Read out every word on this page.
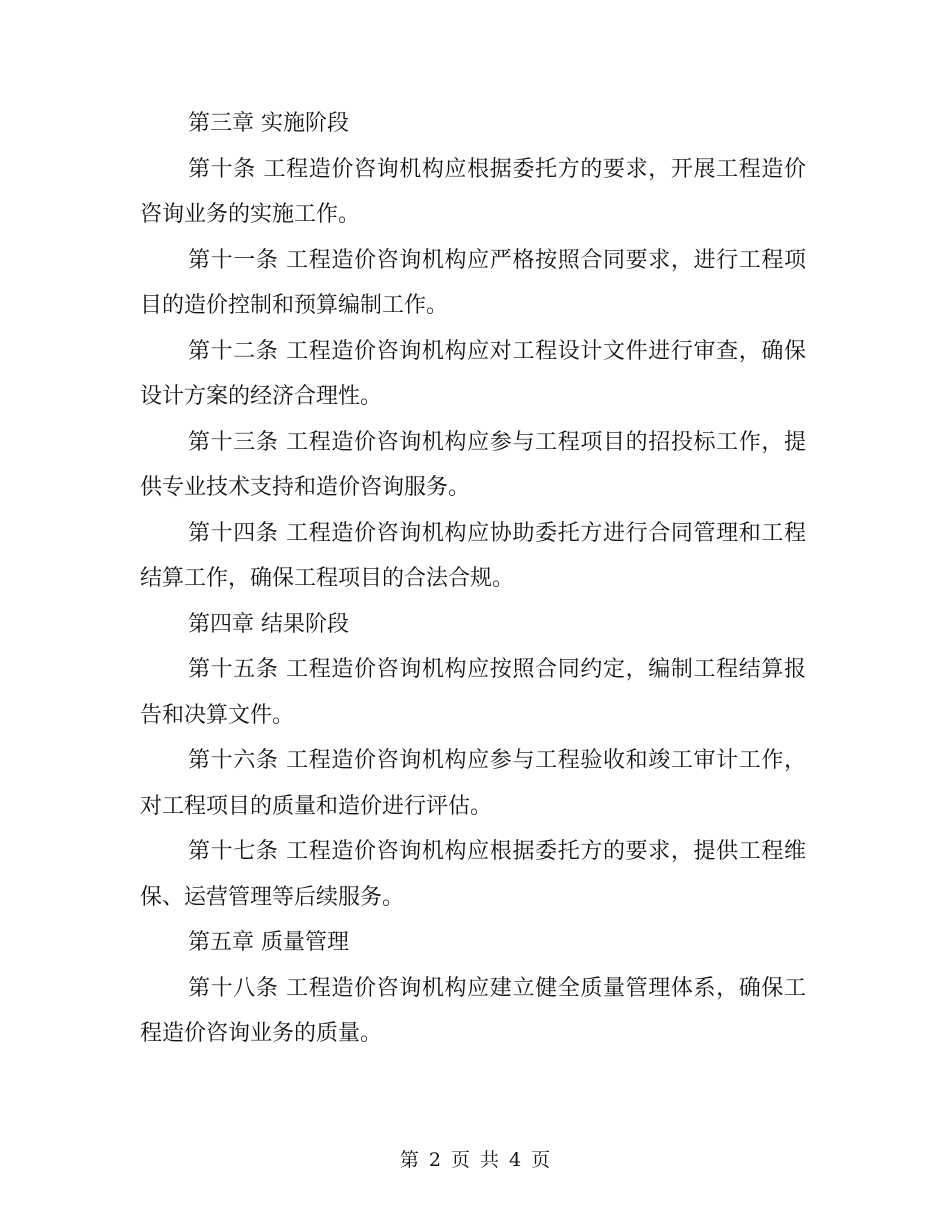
第三章 实施阶段

第十条 工程造价咨询机构应根据委托方的要求，开展工程造价咨询业务的实施工作。

第十一条 工程造价咨询机构应严格按照合同要求，进行工程项目的造价控制和预算编制工作。

第十二条 工程造价咨询机构应对工程设计文件进行审查，确保设计方案的经济合理性。

第十三条 工程造价咨询机构应参与工程项目的招投标工作，提供专业技术支持和造价咨询服务。

第十四条 工程造价咨询机构应协助委托方进行合同管理和工程结算工作，确保工程项目的合法合规。

第四章 结果阶段

第十五条 工程造价咨询机构应按照合同约定，编制工程结算报告和决算文件。

第十六条 工程造价咨询机构应参与工程验收和竣工审计工作，对工程项目的质量和造价进行评估。

第十七条 工程造价咨询机构应根据委托方的要求，提供工程维保、运营管理等后续服务。

第五章 质量管理

第十八条 工程造价咨询机构应建立健全质量管理体系，确保工程造价咨询业务的质量。

第 2 页 共 4 页
